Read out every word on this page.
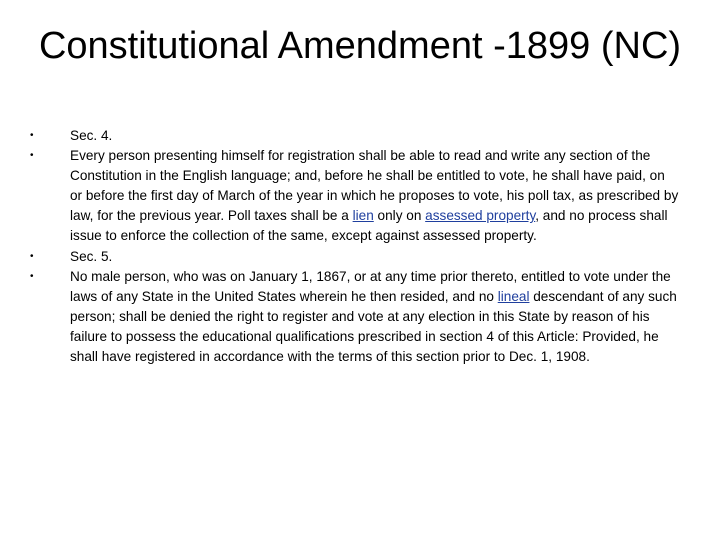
Constitutional Amendment -1899 (NC)
•	Sec. 4.
•	Every person presenting himself for registration shall be able to read and write any section of the Constitution in the English language; and, before he shall be entitled to vote, he shall have paid, on or before the first day of March of the year in which he proposes to vote, his poll tax, as prescribed by law, for the previous year. Poll taxes shall be a lien only on assessed property, and no process shall issue to enforce the collection of the same, except against assessed property.
•	Sec. 5.
•	No male person, who was on January 1, 1867, or at any time prior thereto, entitled to vote under the laws of any State in the United States wherein he then resided, and no lineal descendant of any such person; shall be denied the right to register and vote at any election in this State by reason of his failure to possess the educational qualifications prescribed in section 4 of this Article: Provided, he shall have registered in accordance with the terms of this section prior to Dec. 1, 1908.
